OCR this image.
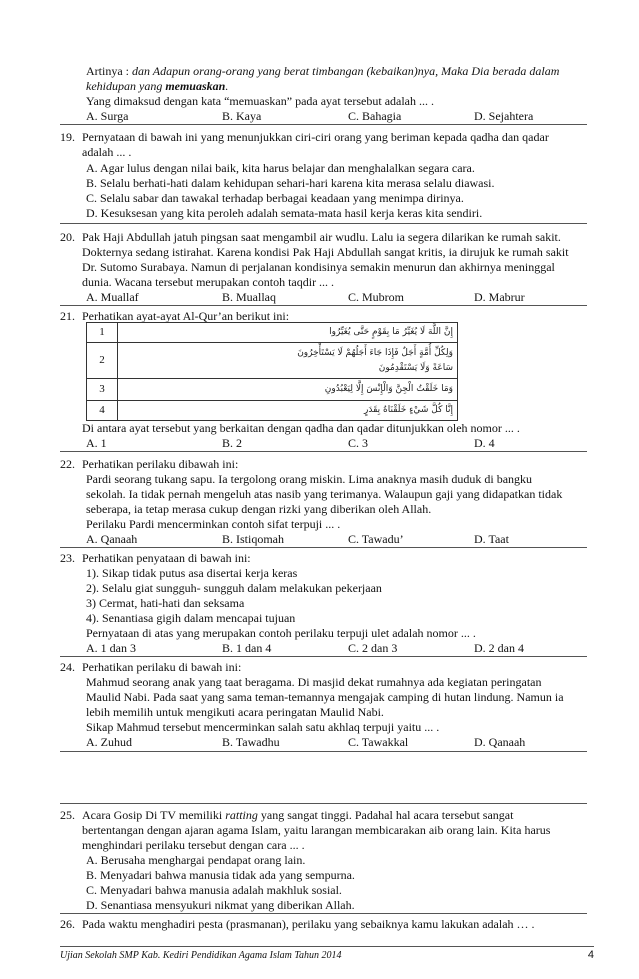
Artinya : dan Adapun orang-orang yang berat timbangan (kebaikan)nya, Maka Dia berada dalam
kehidupan yang memuaskan.
Yang dimaksud dengan kata “memuaskan” pada ayat tersebut adalah ... .
A. Surga	B. Kaya	C. Bahagia	D. Sejahtera
19. Pernyataan di bawah ini yang menunjukkan ciri-ciri orang yang beriman kepada qadha dan qadar
adalah ... .
A. Agar lulus dengan nilai baik, kita harus belajar dan menghalalkan segara cara.
B. Selalu berhati-hati dalam kehidupan sehari-hari karena kita merasa selalu diawasi.
C. Selalu sabar dan tawakal terhadap berbagai keadaan yang menimpa dirinya.
D. Kesuksesan yang kita peroleh adalah semata-mata hasil kerja keras kita sendiri.
20. Pak Haji Abdullah jatuh pingsan saat mengambil air wudlu. Lalu ia segera dilarikan ke rumah sakit.
Dokternya sedang istirahat. Karena kondisi Pak Haji Abdullah sangat kritis, ia dirujuk ke rumah sakit
Dr. Sutomo Surabaya. Namun di perjalanan kondisinya semakin menurun dan akhirnya meninggal
dunia. Wacana tersebut merupakan contoh taqdir ... .
A. Muallaf	B. Muallaq	C. Mubrom	D. Mabrur
21. Perhatikan ayat-ayat Al-Qur’an berikut ini:
1	ﺇِﻥَّ ﺍﻟﻠَّﻪَ ﻟَﺎ ﻳُﻐَﻴِّﺮُ ﻣَﺎ ﺑِﻘَﻮْﻡٍ ﺣَﺘَّﻰ ﻳُﻐَﻴِّﺮُﻭﺍ
2	ﻭَﻟِﻜُﻞِّ ﺃُﻣَّﺔٍ ﺃَﺟَﻞٌ ﻓَﺈِﺫَﺍ ﺟَﺎﺀَ ﺃَﺟَﻠُﻬُﻢْ ﻟَﺎ ﻳَﺴْﺘَﺄْﺧِﺮُﻭﻥَ
ﺳَﺎﻋَﺔً ﻭَﻟَﺎ ﻳَﺴْﺘَﻘْﺪِﻣُﻮﻥَ

3	ﻭَﻣَﺎ ﺧَﻠَﻘْﺖُ ﺍﻟْﺠِﻦَّ ﻭَﺍﻟْﺈِﻧْﺲَ ﺇِﻟَّﺎ ﻟِﻴَﻌْﺒُﺪُﻭﻥِ
4	ﺇِﻧَّﺎ ﻛُﻞَّ ﺷَﻲْﺀٍ ﺧَﻠَﻘْﻨَﺎﻩُ ﺑِﻘَﺪَﺭٍ
Di antara ayat tersebut yang berkaitan dengan qadha dan qadar ditunjukkan oleh nomor ... .
A. 1	B. 2	C. 3	D. 4
22. Perhatikan perilaku dibawah ini:
Pardi seorang tukang sapu. Ia tergolong orang miskin. Lima anaknya masih duduk di bangku
sekolah. Ia tidak pernah mengeluh atas nasib yang terimanya. Walaupun gaji yang didapatkan tidak
seberapa, ia tetap merasa cukup dengan rizki yang diberikan oleh Allah.
Perilaku Pardi mencerminkan contoh sifat terpuji ... .
A. Qanaah	B. Istiqomah	C. Tawadu’	D. Taat
23. Perhatikan penyataan di bawah ini:
1). Sikap tidak putus asa disertai kerja keras
2). Selalu giat sungguh- sungguh dalam melakukan pekerjaan
3) Cermat, hati-hati dan seksama
4). Senantiasa gigih dalam mencapai tujuan
Pernyataan di atas yang merupakan contoh perilaku terpuji ulet adalah nomor ... .
A. 1 dan 3	B. 1 dan 4	C. 2 dan 3	D. 2 dan 4
24. Perhatikan perilaku di bawah ini:
Mahmud seorang anak yang taat beragama. Di masjid dekat rumahnya ada kegiatan peringatan
Maulid Nabi. Pada saat yang sama teman-temannya mengajak camping di hutan lindung. Namun ia
lebih memilih untuk mengikuti acara peringatan Maulid Nabi.
Sikap Mahmud tersebut mencerminkan salah satu akhlaq terpuji yaitu ... .
A. Zuhud	B. Tawadhu	C. Tawakkal	D. Qanaah
25. Acara Gosip Di TV memiliki ratting yang sangat tinggi. Padahal hal acara tersebut sangat
bertentangan dengan ajaran agama Islam, yaitu larangan membicarakan aib orang lain. Kita harus
menghindari perilaku tersebut dengan cara ... .
A. Berusaha menghargai pendapat orang lain.
B. Menyadari bahwa manusia tidak ada yang sempurna.
C. Menyadari bahwa manusia adalah makhluk sosial.
D. Senantiasa mensyukuri nikmat yang diberikan Allah.
26. Pada waktu menghadiri pesta (prasmanan), perilaku yang sebaiknya kamu lakukan adalah … .
Ujian Sekolah SMP Kab. Kediri Pendidikan Agama Islam Tahun 2014	4
